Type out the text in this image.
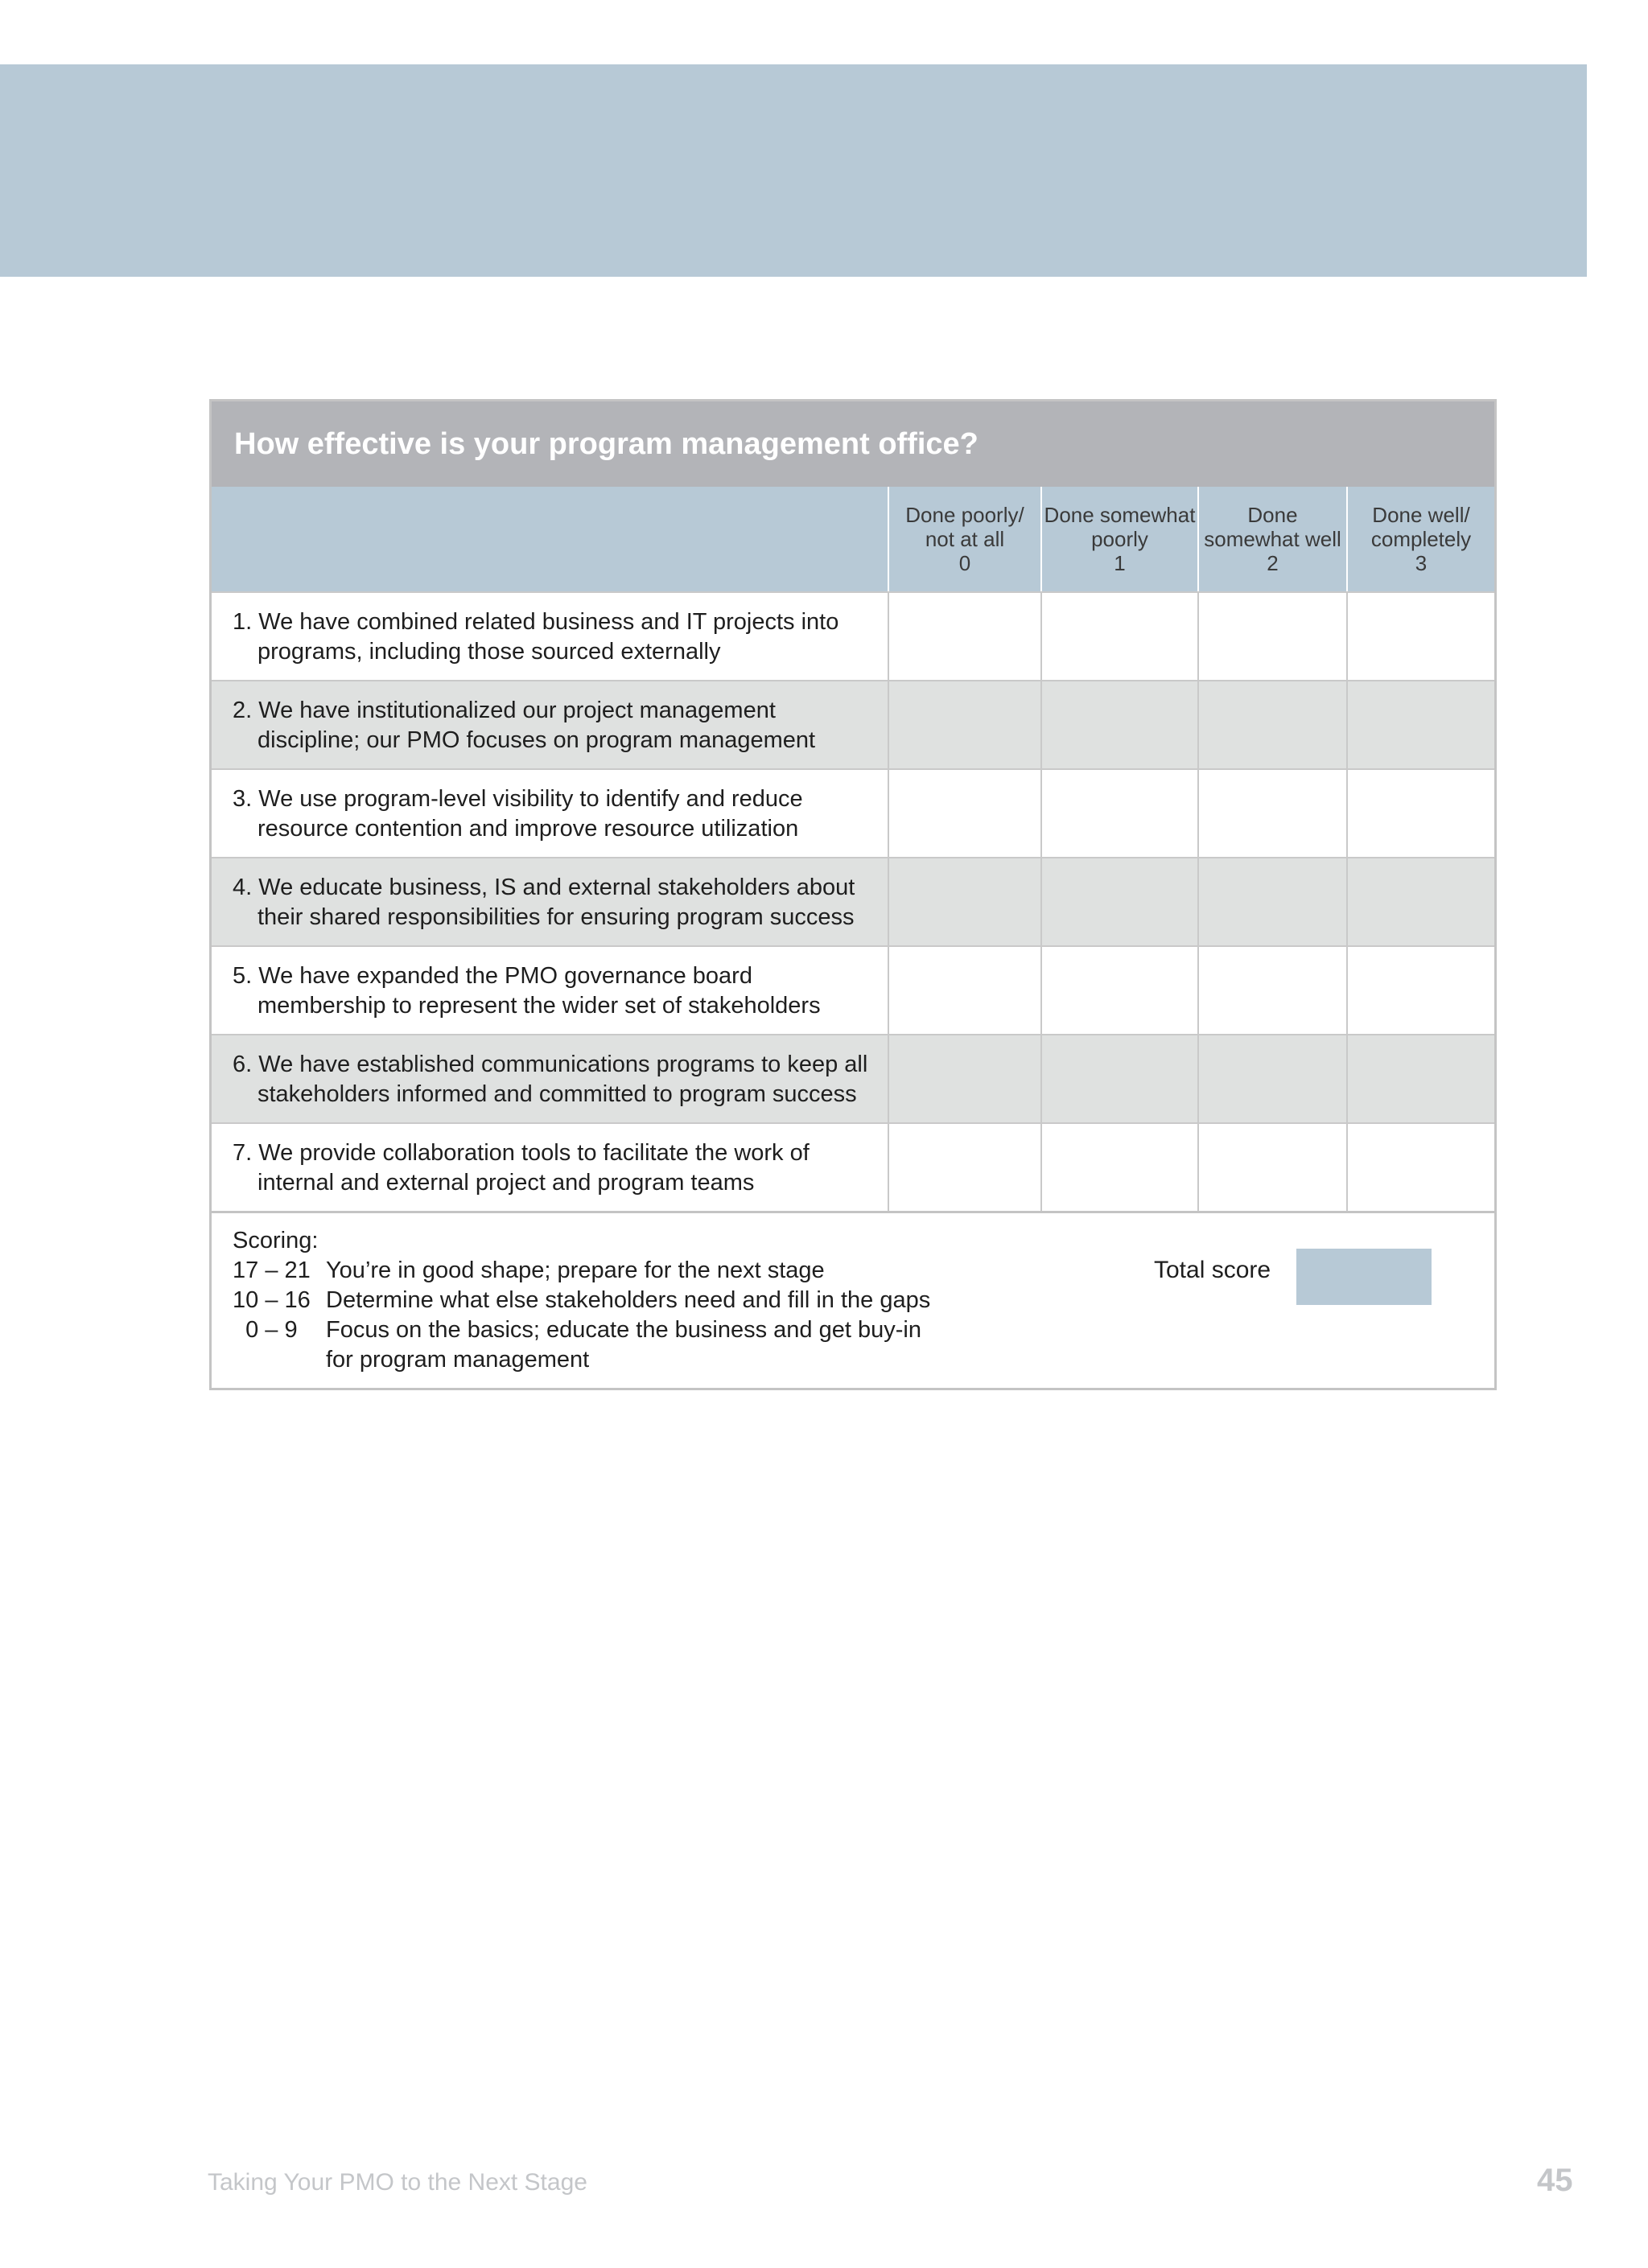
How effective is your program management office?
Done poorly/
not at all
0
Done somewhat
poorly
1
Done
somewhat well
2
Done well/
completely
3
1. We have combined related business and IT projects into
programs, including those sourced externally
2. We have institutionalized our project management
discipline; our PMO focuses on program management
3. We use program-level visibility to identify and reduce
resource contention and improve resource utilization
4. We educate business, IS and external stakeholders about
their shared responsibilities for ensuring program success
5. We have expanded the PMO governance board
membership to represent the wider set of stakeholders
6. We have established communications programs to keep all
stakeholders informed and committed to program success
7. We provide collaboration tools to facilitate the work of
internal and external project and program teams
Scoring:
17 – 21 You’re in good shape; prepare for the next stage
10 – 16 Determine what else stakeholders need and fill in the gaps
0 – 9	Focus on the basics; educate the business and get buy-in
for program management
Total score
Taking Your PMO to the Next Stage	45
